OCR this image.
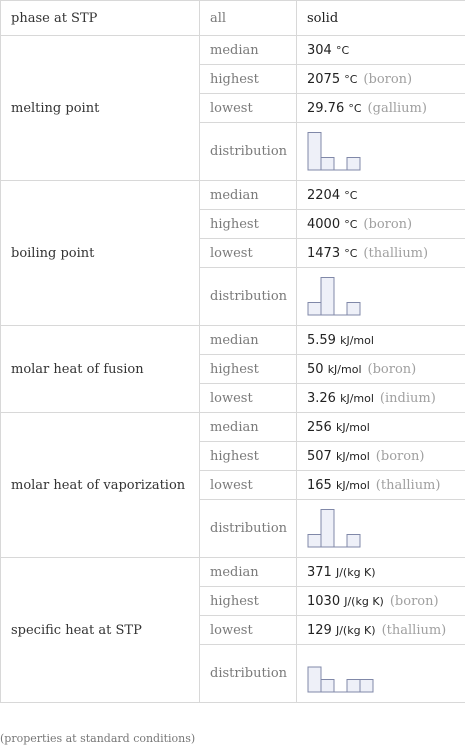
phase at STP	all	solid
melting point	median	304 °C
	highest	2075 °C (boron)
	lowest	29.76 °C (gallium)
	distribution	

boiling point	median	2204 °C
	highest	4000 °C (boron)
	lowest	1473 °C (thallium)
	distribution	

molar heat of fusion	median	5.59 kJ/mol
	highest	50 kJ/mol (boron)
	lowest	3.26 kJ/mol (indium)
molar heat of vaporization	median	256 kJ/mol
	highest	507 kJ/mol (boron)
	lowest	165 kJ/mol (thallium)
	distribution	

specific heat at STP	median	371 J/(kg K)
	highest	1030 J/(kg K) (boron)
	lowest	129 J/(kg K) (thallium)
	distribution	
(properties at standard conditions)
